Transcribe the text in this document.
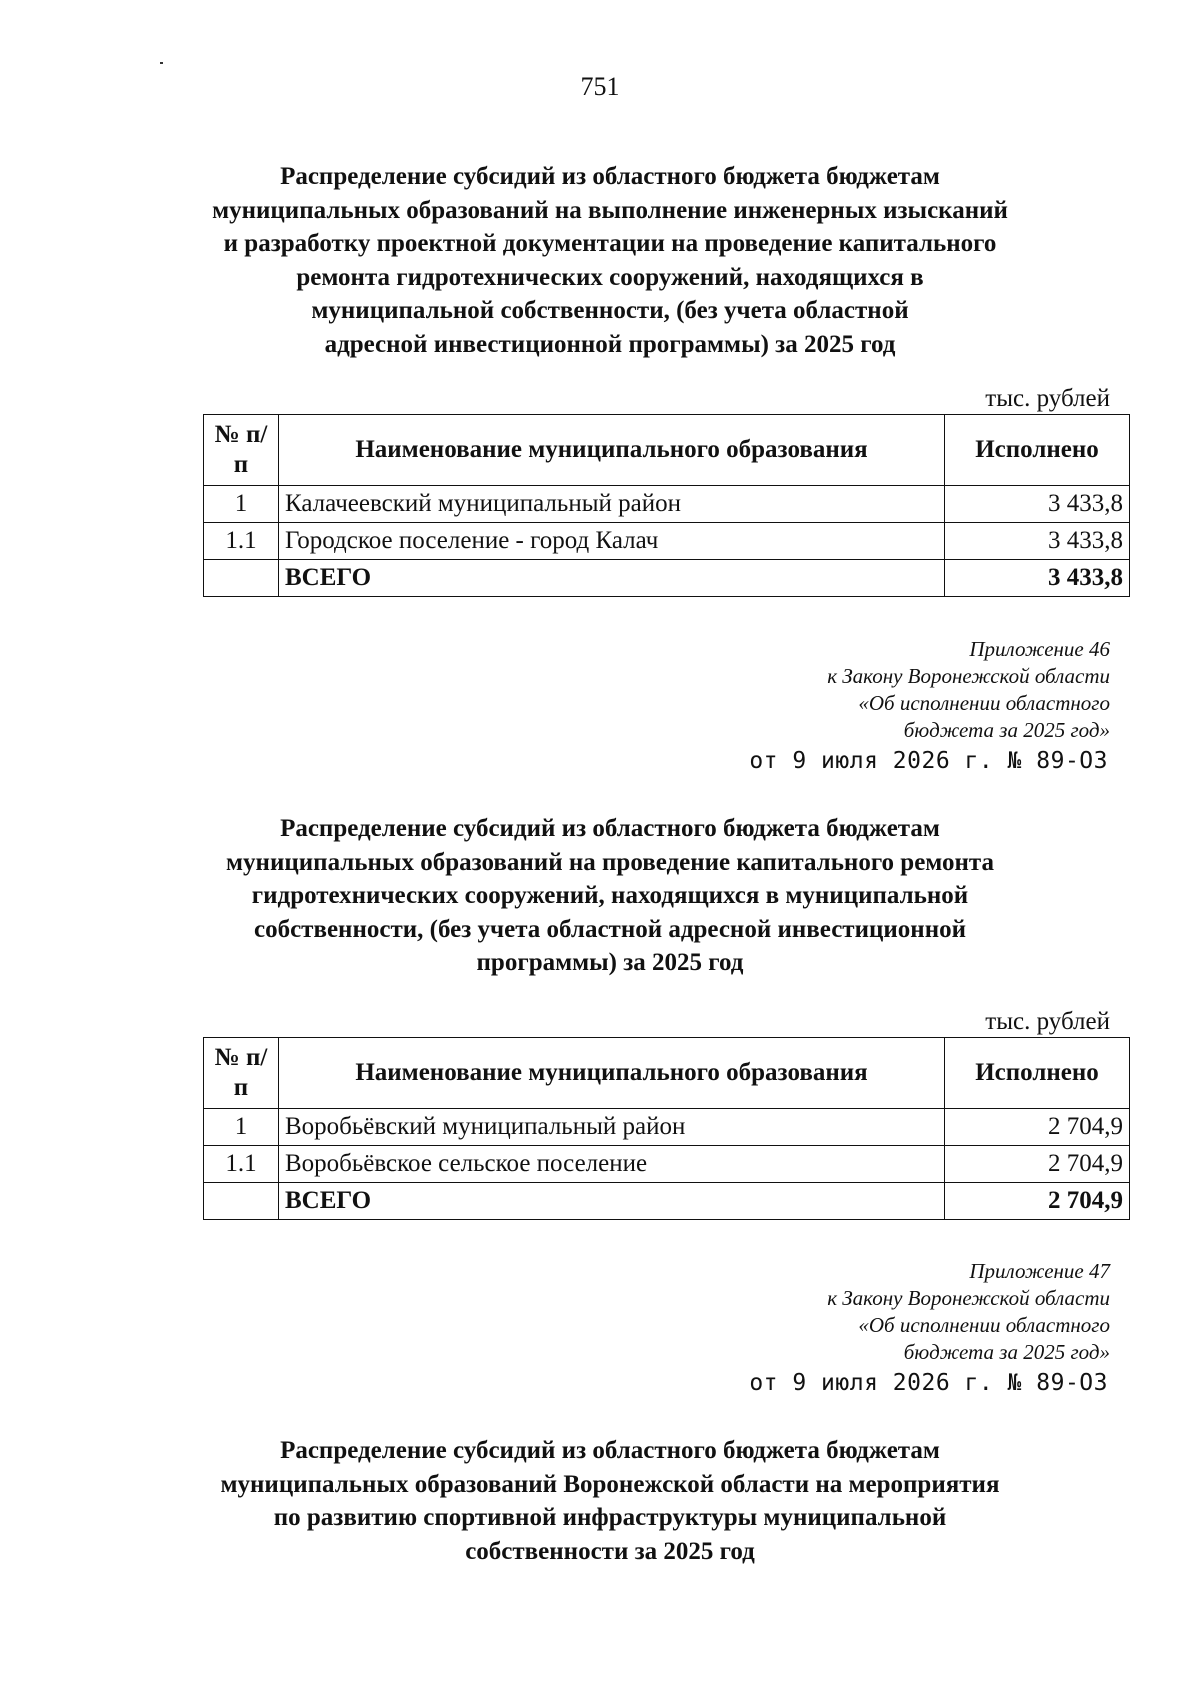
751
Распределение субсидий из областного бюджета бюджетам
муниципальных образований на выполнение инженерных изысканий
и разработку проектной документации на проведение капитального
ремонта гидротехнических сооружений, находящихся в
муниципальной собственности, (без учета областной
адресной инвестиционной программы) за 2025 год
тыс. рублей
№ п/п	Наименование муниципального образования	Исполнено
1	Калачеевский муниципальный район	3 433,8
1.1	Городское поселение - город Калач	3 433,8
	ВСЕГО	3 433,8
Приложение 46
к Закону Воронежской области
«Об исполнении областного
бюджета за 2025 год»
от 9 июля 2026 г. № 89-ОЗ
Распределение субсидий из областного бюджета бюджетам
муниципальных образований на проведение капитального ремонта
гидротехнических сооружений, находящихся в муниципальной
собственности, (без учета областной адресной инвестиционной
программы) за 2025 год
тыс. рублей
№ п/п	Наименование муниципального образования	Исполнено
1	Воробьёвский муниципальный район	2 704,9
1.1	Воробьёвское сельское поселение	2 704,9
	ВСЕГО	2 704,9
Приложение 47
к Закону Воронежской области
«Об исполнении областного
бюджета за 2025 год»
от 9 июля 2026 г. № 89-ОЗ
Распределение субсидий из областного бюджета бюджетам
муниципальных образований Воронежской области на мероприятия
по развитию спортивной инфраструктуры муниципальной
собственности за 2025 год
